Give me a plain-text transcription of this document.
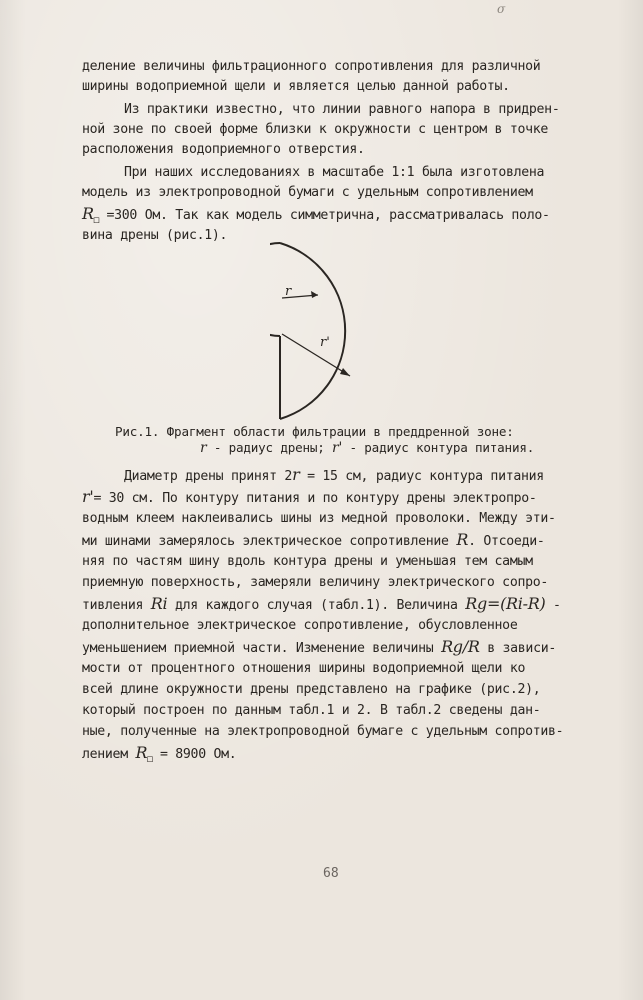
σ
деление величины фильтрационного сопротивления для различной
ширины водоприемной щели и является целью данной работы.
Из практики известно, что линии равного напора в придрен-
ной зоне по своей форме близки к окружности с центром в точке
расположения водоприемного отверстия.
При наших исследованиях в масштабе 1:1 была изготовлена
модель из электропроводной бумаги с удельным сопротивлением
$R_□ =300$ Ом. Так как модель симметрична, рассматривалась поло-
вина дрены (рис.1).
r
r'
Рис.1. Фрагмент области фильтрации в преддренной зоне:
r - радиус дрены; r' - радиус контура питания.
Диаметр дрены принят 2r = 15 см, радиус контура питания
r'= 30 см. По контуру питания и по контуру дрены электропро-
водным клеем наклеивались шины из медной проволоки. Между эти-
ми шинами замерялось электрическое сопротивление R. Отсоеди-
няя по частям шину вдоль контура дрены и уменьшая тем самым
приемную поверхность, замеряли величину электрического сопро-
тивления Ri для каждого случая (табл.1). Величина Rg=(Ri-R) -
дополнительное электрическое сопротивление, обусловленное
уменьшением приемной части. Изменение величины Rg/R в зависи-
мости от процентного отношения ширины водоприемной щели ко
всей длине окружности дрены представлено на графике (рис.2),
который построен по данным табл.1 и 2. В табл.2 сведены дан-
ные, полученные на электропроводной бумаге с удельным сопротив-
лением $R_□ = 8900$ Ом.
68
